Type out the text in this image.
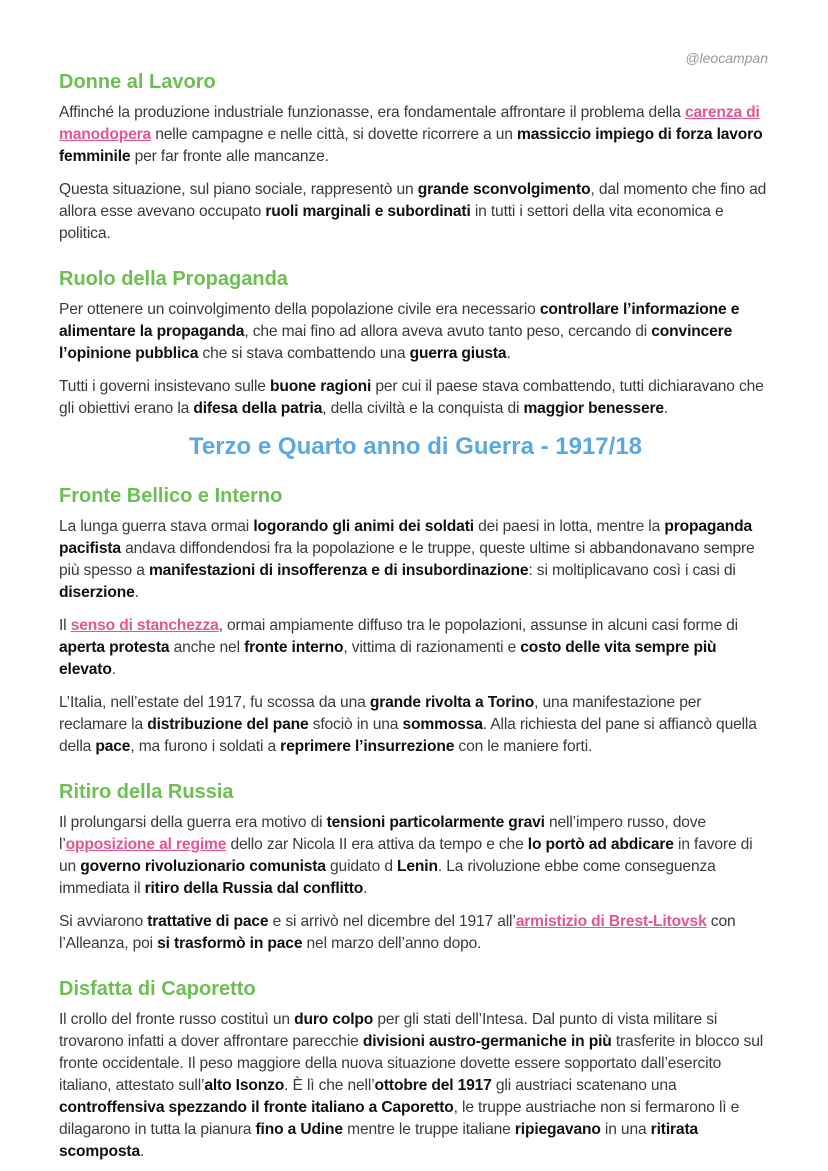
@leocampan
Donne al Lavoro

Affinché la produzione industriale funzionasse, era fondamentale affrontare il problema della carenza di manodopera nelle campagne e nelle città, si dovette ricorrere a un massiccio impiego di forza lavoro femminile per far fronte alle mancanze.

Questa situazione, sul piano sociale, rappresentò un grande sconvolgimento, dal momento che fino ad allora esse avevano occupato ruoli marginali e subordinati in tutti i settori della vita economica e politica.

Ruolo della Propaganda

Per ottenere un coinvolgimento della popolazione civile era necessario controllare l’informazione e alimentare la propaganda, che mai fino ad allora aveva avuto tanto peso, cercando di convincere l’opinione pubblica che si stava combattendo una guerra giusta.

Tutti i governi insistevano sulle buone ragioni per cui il paese stava combattendo, tutti dichiaravano che gli obiettivi erano la difesa della patria, della civiltà e la conquista di maggior benessere.

Terzo e Quarto anno di Guerra - 1917/18
Fronte Bellico e Interno

La lunga guerra stava ormai logorando gli animi dei soldati dei paesi in lotta, mentre la propaganda pacifista andava diffondendosi fra la popolazione e le truppe, queste ultime si abbandonavano sempre più spesso a manifestazioni di insofferenza e di insubordinazione: si moltiplicavano così i casi di diserzione.

Il senso di stanchezza, ormai ampiamente diffuso tra le popolazioni, assunse in alcuni casi forme di aperta protesta anche nel fronte interno, vittima di razionamenti e costo delle vita sempre più elevato.

L’Italia, nell’estate del 1917, fu scossa da una grande rivolta a Torino, una manifestazione per reclamare la distribuzione del pane sfociò in una sommossa. Alla richiesta del pane si affiancò quella della pace, ma furono i soldati a reprimere l’insurrezione con le maniere forti.

Ritiro della Russia

Il prolungarsi della guerra era motivo di tensioni particolarmente gravi nell’impero russo, dove l’opposizione al regime dello zar Nicola II era attiva da tempo e che lo portò ad abdicare in favore di un governo rivoluzionario comunista guidato d Lenin. La rivoluzione ebbe come conseguenza immediata il ritiro della Russia dal conflitto.

Si avviarono trattative di pace e si arrivò nel dicembre del 1917 all’armistizio di Brest-Litovsk con l’Alleanza, poi si trasformò in pace nel marzo dell’anno dopo.

Disfatta di Caporetto

Il crollo del fronte russo costituì un duro colpo per gli stati dell’Intesa. Dal punto di vista militare si trovarono infatti a dover affrontare parecchie divisioni austro-germaniche in più trasferite in blocco sul fronte occidentale. Il peso maggiore della nuova situazione dovette essere sopportato dall’esercito italiano, attestato sull’alto Isonzo. È lì che nell’ottobre del 1917 gli austriaci scatenano una controffensiva spezzando il fronte italiano a Caporetto, le truppe austriache non si fermarono lì e dilagarono in tutta la pianura fino a Udine mentre le truppe italiane ripiegavano in una ritirata scomposta.
